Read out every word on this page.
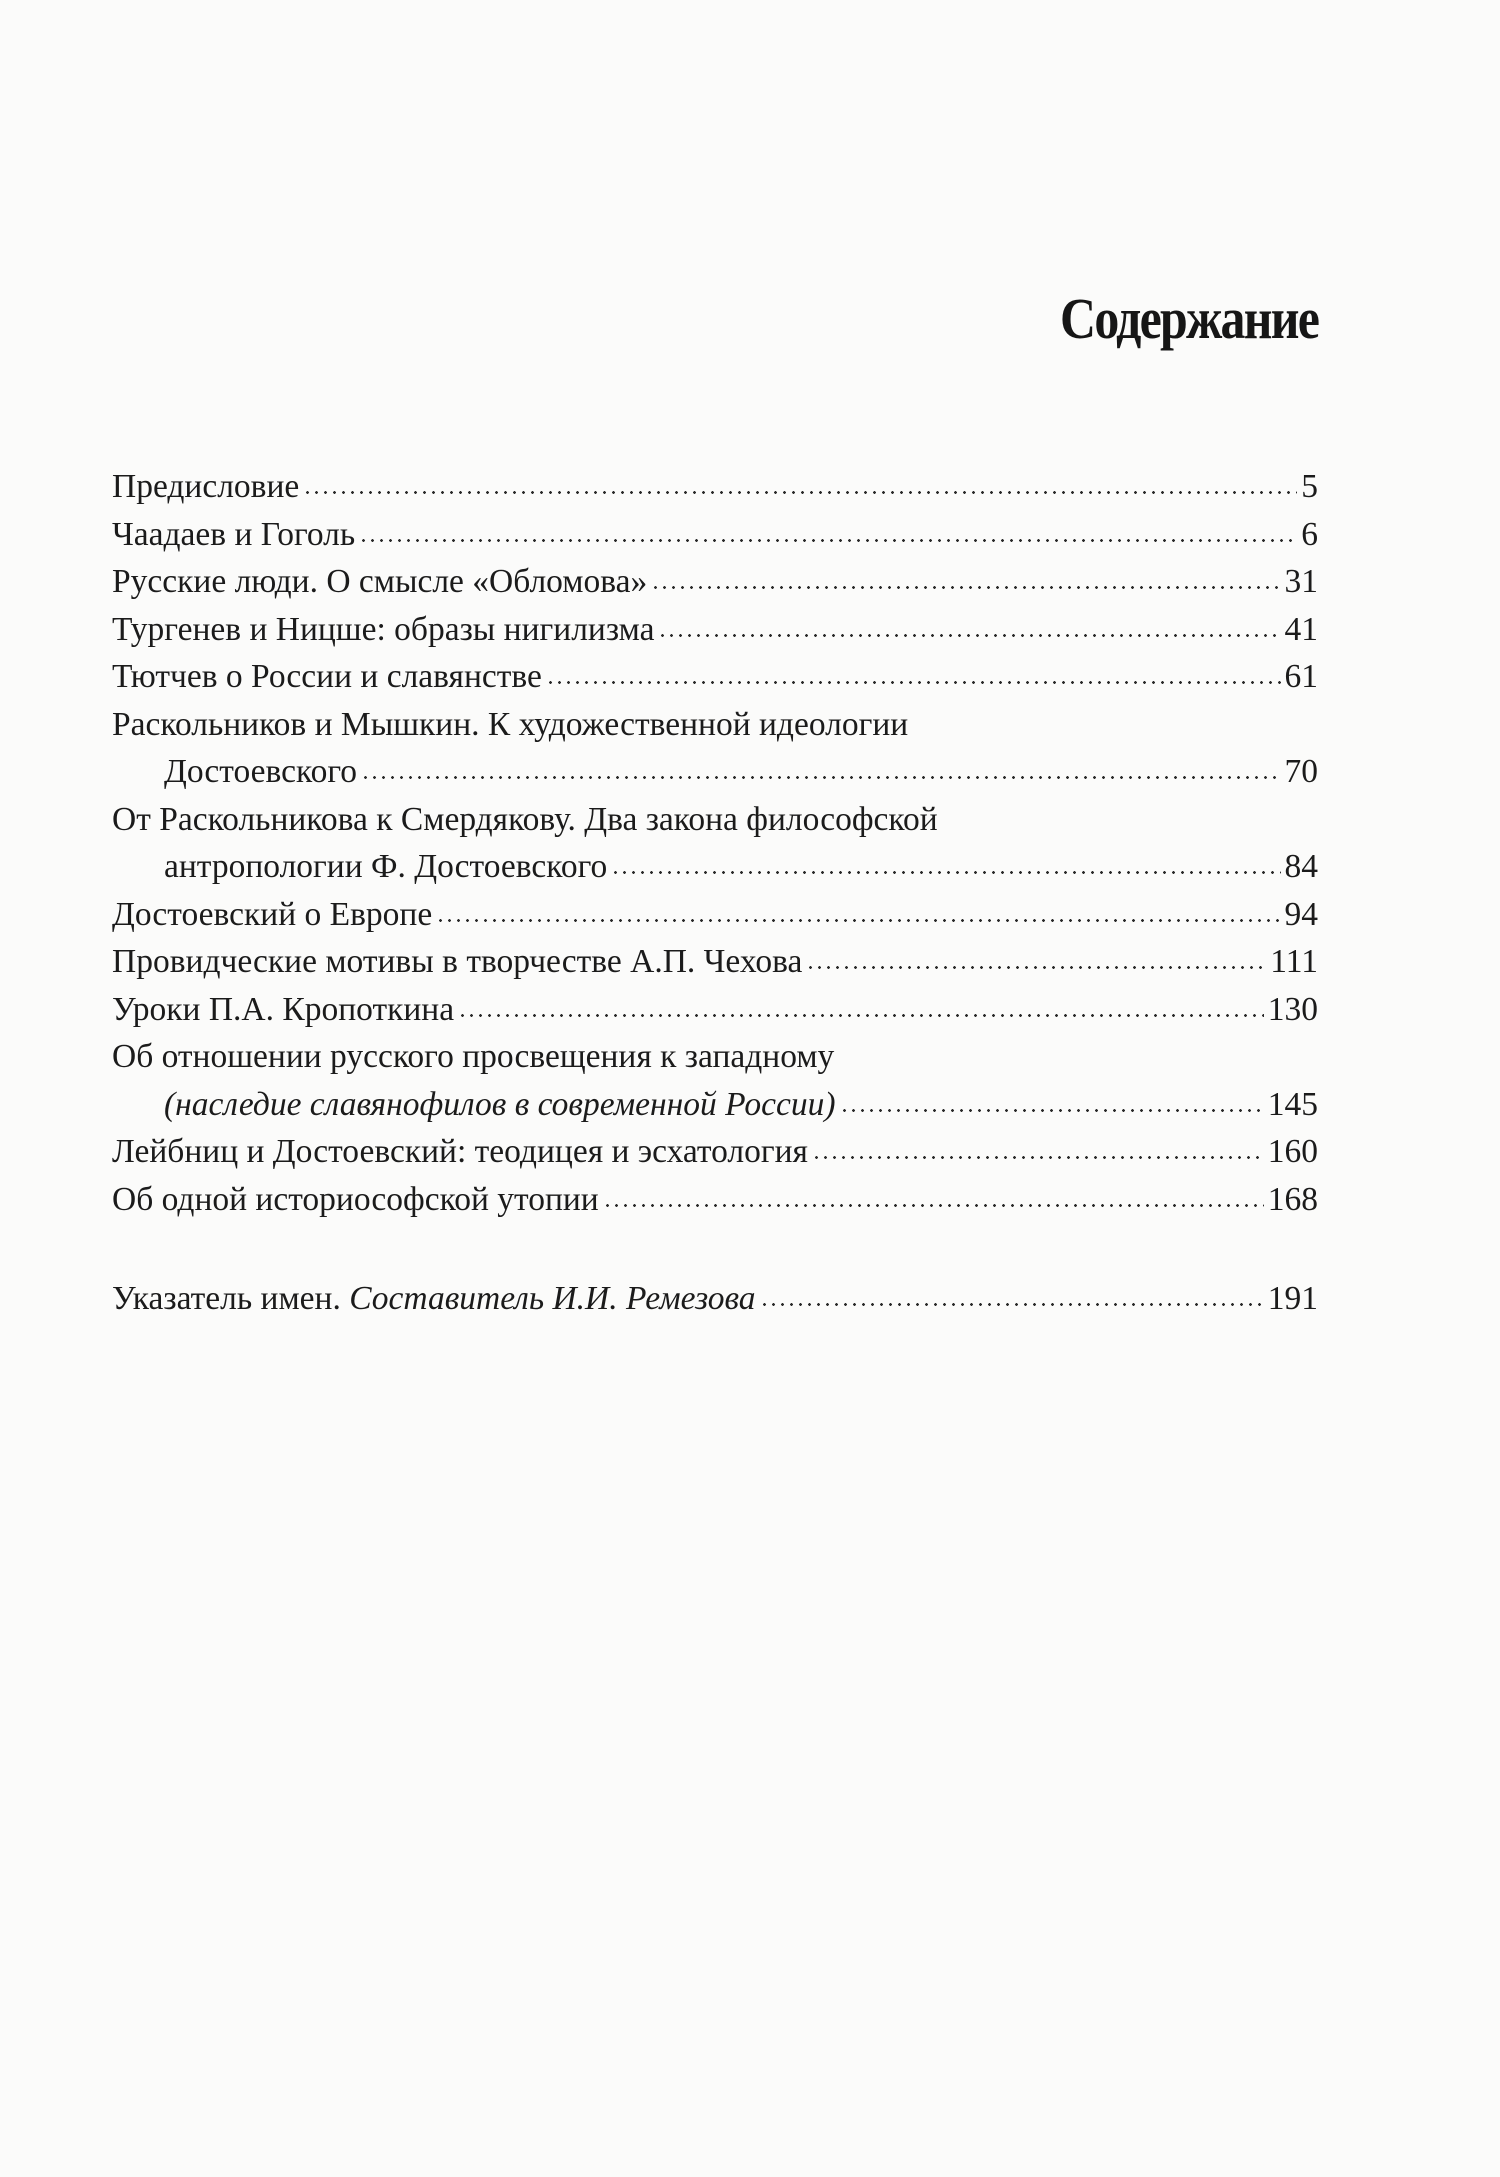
Содержание
Предисловие	5
Чаадаев и Гоголь	6
Русские люди. О смысле «Обломова»	31
Тургенев и Ницше: образы нигилизма	41
Тютчев о России и славянстве	61
Раскольников и Мышкин. К художественной идеологии
Достоевского	70
От Раскольникова к Смердякову. Два закона философской
антропологии Ф. Достоевского	84
Достоевский о Европе	94
Провидческие мотивы в творчестве А.П. Чехова	111
Уроки П.А. Кропоткина	130
Об отношении русского просвещения к западному
(наследие славянофилов в современной России)	145
Лейбниц и Достоевский: теодицея и эсхатология	160
Об одной историософской утопии	168
Указатель имен. Составитель И.И. Ремезова	191
